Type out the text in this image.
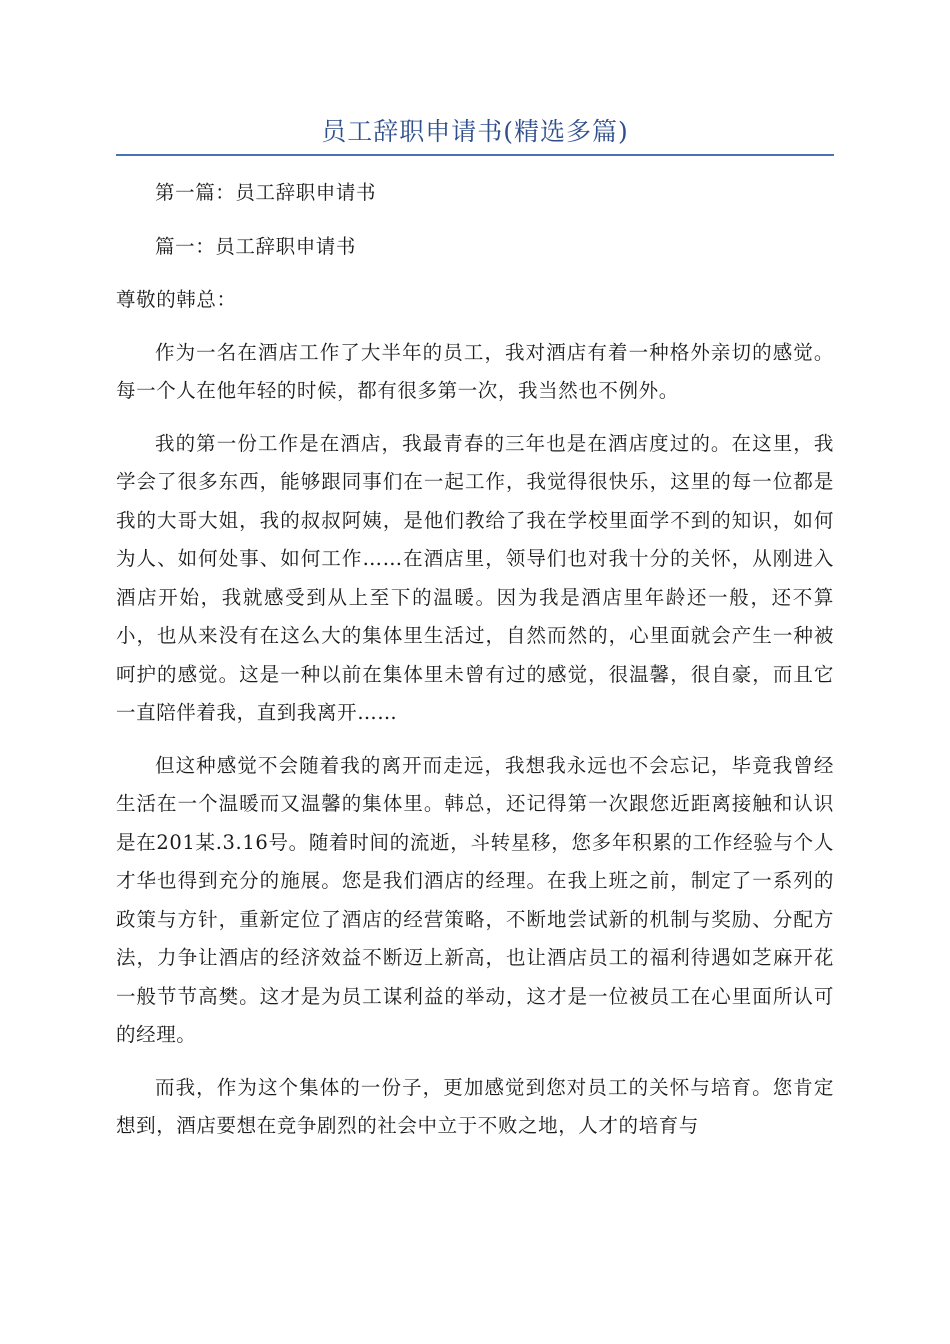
员工辞职申请书(精选多篇)

第一篇：员工辞职申请书

篇一：员工辞职申请书

尊敬的韩总：

作为一名在酒店工作了大半年的员工，我对酒店有着一种格外亲切的感觉。每一个人在他年轻的时候，都有很多第一次，我当然也不例外。

我的第一份工作是在酒店，我最青春的三年也是在酒店度过的。在这里，我学会了很多东西，能够跟同事们在一起工作，我觉得很快乐，这里的每一位都是我的大哥大姐，我的叔叔阿姨，是他们教给了我在学校里面学不到的知识，如何为人、如何处事、如何工作……在酒店里，领导们也对我十分的关怀，从刚进入酒店开始，我就感受到从上至下的温暖。因为我是酒店里年龄还一般，还不算小，也从来没有在这么大的集体里生活过，自然而然的，心里面就会产生一种被呵护的感觉。这是一种以前在集体里未曾有过的感觉，很温馨，很自豪，而且它一直陪伴着我，直到我离开……

但这种感觉不会随着我的离开而走远，我想我永远也不会忘记，毕竟我曾经生活在一个温暖而又温馨的集体里。韩总，还记得第一次跟您近距离接触和认识是在201某.3.16号。随着时间的流逝，斗转星移，您多年积累的工作经验与个人才华也得到充分的施展。您是我们酒店的经理。在我上班之前，制定了一系列的政策与方针，重新定位了酒店的经营策略，不断地尝试新的机制与奖励、分配方法，力争让酒店的经济效益不断迈上新高，也让酒店员工的福利待遇如芝麻开花一般节节高樊。这才是为员工谋利益的举动，这才是一位被员工在心里面所认可的经理。

而我，作为这个集体的一份子，更加感觉到您对员工的关怀与培育。您肯定想到，酒店要想在竞争剧烈的社会中立于不败之地，人才的培育与
